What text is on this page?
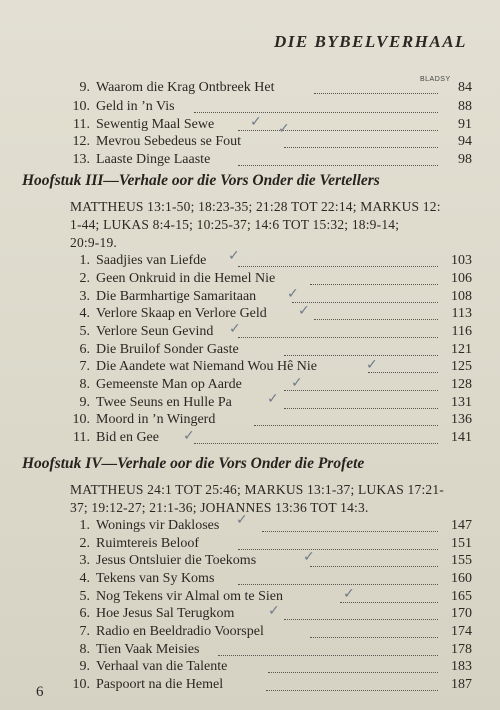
DIE BYBELVERHAAL
BLADSY
9. Waarom die Krag Ontbreek Het	84
10. Geld in ’n Vis	88
11. Sewentig Maal Sewe	91
12. Mevrou Sebedeus se Fout	94
13. Laaste Dinge Laaste	98
✓ ✓
Hoofstuk III—Verhale oor die Vors Onder die Vertellers
MATTHEUS 13:1-50; 18:23-35; 21:28 TOT 22:14; MARKUS 12:
1-44; LUKAS 8:4-15; 10:25-37; 14:6 TOT 15:32; 18:9-14;
20:9-19.
1. Saadjies van Liefde	103
2. Geen Onkruid in die Hemel Nie	106
3. Die Barmhartige Samaritaan	108
4. Verlore Skaap en Verlore Geld	113
5. Verlore Seun Gevind	116
6. Die Bruilof Sonder Gaste	121
7. Die Aandete wat Niemand Wou Hê Nie	125
8. Gemeenste Man op Aarde	128
9. Twee Seuns en Hulle Pa	131
10. Moord in ’n Wingerd	136
11. Bid en Gee	141
✓
✓
✓
✓
✓
✓
✓
✓
Hoofstuk IV—Verhale oor die Vors Onder die Profete
MATTHEUS 24:1 TOT 25:46; MARKUS 13:1-37; LUKAS 17:21-
37; 19:12-27; 21:1-36; JOHANNES 13:36 TOT 14:3.
1. Wonings vir Dakloses	147
2. Ruimtereis Beloof	151
3. Jesus Ontsluier die Toekoms	155
4. Tekens van Sy Koms	160
5. Nog Tekens vir Almal om te Sien	165
6. Hoe Jesus Sal Terugkom	170
7. Radio en Beeldradio Voorspel	174
8. Tien Vaak Meisies	178
9. Verhaal van die Talente	183
10. Paspoort na die Hemel	187
✓
✓
✓
✓
6
